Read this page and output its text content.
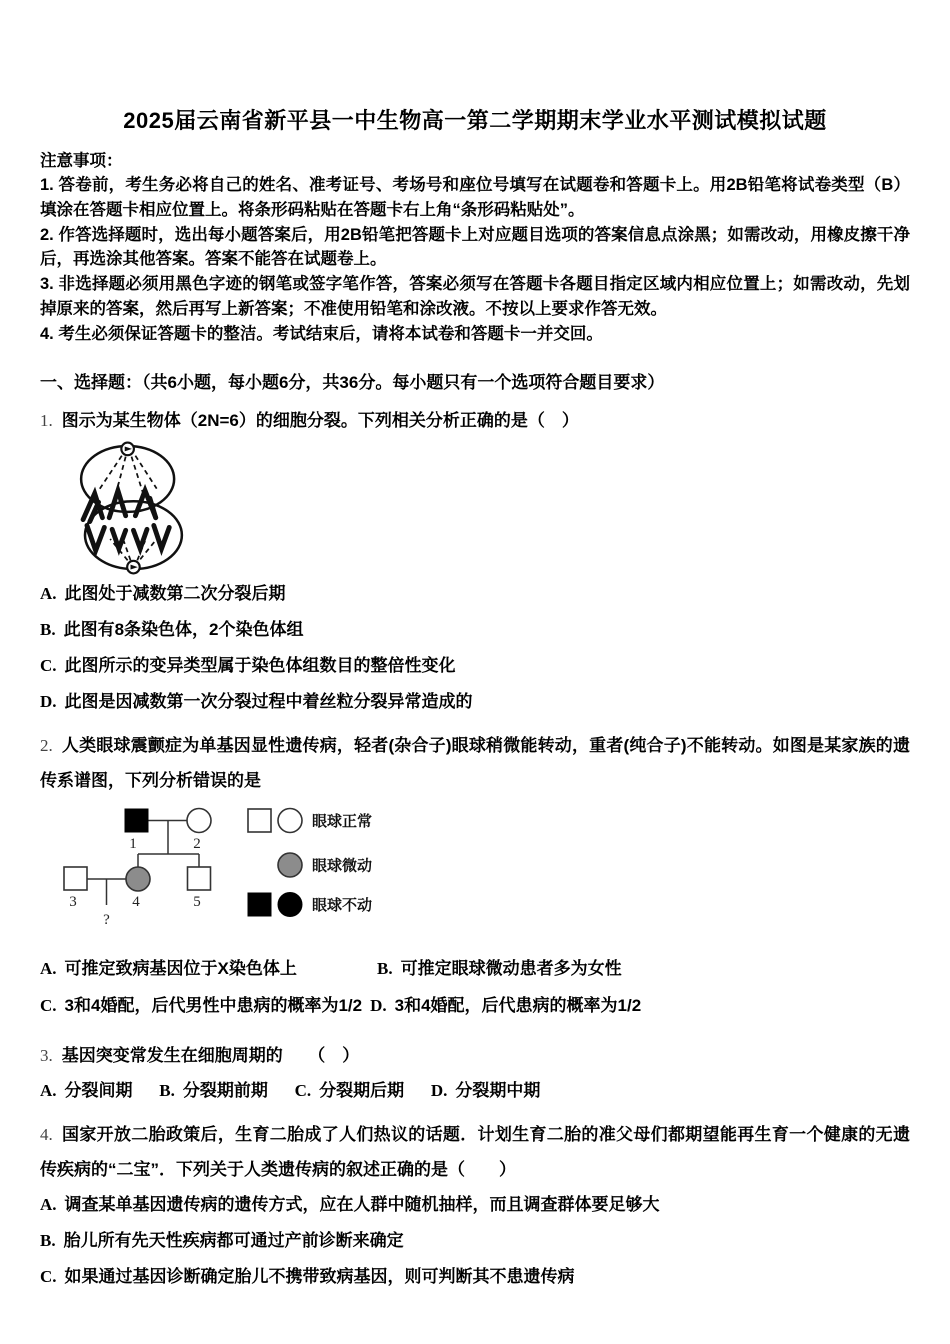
2025届云南省新平县一中生物高一第二学期期末学业水平测试模拟试题
注意事项：

1. 答卷前，考生务必将自己的姓名、准考证号、考场号和座位号填写在试题卷和答题卡上。用2B铅笔将试卷类型（B）填涂在答题卡相应位置上。将条形码粘贴在答题卡右上角“条形码粘贴处”。

2. 作答选择题时，选出每小题答案后，用2B铅笔把答题卡上对应题目选项的答案信息点涂黑；如需改动，用橡皮擦干净后，再选涂其他答案。答案不能答在试题卷上。

3. 非选择题必须用黑色字迹的钢笔或签字笔作答，答案必须写在答题卡各题目指定区域内相应位置上；如需改动，先划掉原来的答案，然后再写上新答案；不准使用铅笔和涂改液。不按以上要求作答无效。

4. 考生必须保证答题卡的整洁。考试结束后，请将本试卷和答题卡一并交回。

一、选择题：（共6小题，每小题6分，共36分。每小题只有一个选项符合题目要求）
1. 图示为某生物体（2N=6）的细胞分裂。下列相关分析正确的是（　）
A. 此图处于减数第二次分裂后期
B. 此图有8条染色体，2个染色体组
C. 此图所示的变异类型属于染色体组数目的整倍性变化
D. 此图是因减数第一次分裂过程中着丝粒分裂异常造成的
2. 人类眼球震颤症为单基因显性遗传病，轻者(杂合子)眼球稍微能转动，重者(纯合子)不能转动。如图是某家族的遗传系谱图，下列分析错误的是
1	2
3	4	5
?
眼球正常
眼球微动
眼球不动
A. 可推定致病基因位于X染色体上	B. 可推定眼球微动患者多为女性
C. 3和4婚配，后代男性中患病的概率为1/2 D. 3和4婚配，后代患病的概率为1/2
3. 基因突变常发生在细胞周期的　　（　）
A. 分裂间期 B. 分裂期前期 C. 分裂期后期 D. 分裂期中期
4. 国家开放二胎政策后，生育二胎成了人们热议的话题．计划生育二胎的准父母们都期望能再生育一个健康的无遗传疾病的“二宝”．下列关于人类遗传病的叙述正确的是（　　）
A. 调查某单基因遗传病的遗传方式，应在人群中随机抽样，而且调查群体要足够大
B. 胎儿所有先天性疾病都可通过产前诊断来确定
C. 如果通过基因诊断确定胎儿不携带致病基因，则可判断其不患遗传病
